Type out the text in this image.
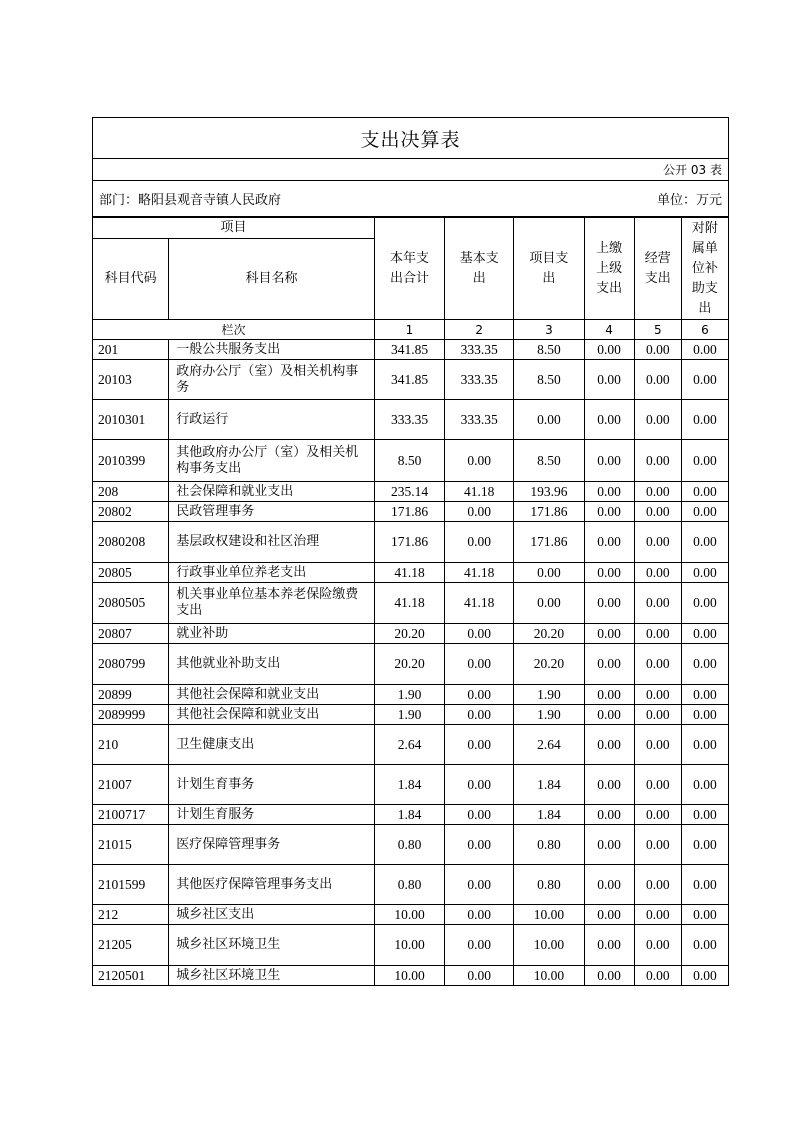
支出决算表
公开 03 表
部门：略阳县观音寺镇人民政府	单位：万元
项目		本年支出合计	基本支出	项目支出	上缴上级支出	经营支出	对附属单位补助支出

科目代码	科目名称						
栏次		1	2	3	4	5	6
201	一般公共服务支出	341.85	333.35	8.50	0.00	0.00	0.00
20103	政府办公厅（室）及相关机构事务	341.85	333.35	8.50	0.00	0.00	0.00
2010301	行政运行	333.35	333.35	0.00	0.00	0.00	0.00
2010399	其他政府办公厅（室）及相关机构事务支出	8.50	0.00	8.50	0.00	0.00	0.00
208	社会保障和就业支出	235.14	41.18	193.96	0.00	0.00	0.00
20802	民政管理事务	171.86	0.00	171.86	0.00	0.00	0.00
2080208	基层政权建设和社区治理	171.86	0.00	171.86	0.00	0.00	0.00
20805	行政事业单位养老支出	41.18	41.18	0.00	0.00	0.00	0.00
2080505	机关事业单位基本养老保险缴费支出	41.18	41.18	0.00	0.00	0.00	0.00
20807	就业补助	20.20	0.00	20.20	0.00	0.00	0.00
2080799	其他就业补助支出	20.20	0.00	20.20	0.00	0.00	0.00
20899	其他社会保障和就业支出	1.90	0.00	1.90	0.00	0.00	0.00
2089999	其他社会保障和就业支出	1.90	0.00	1.90	0.00	0.00	0.00
210	卫生健康支出	2.64	0.00	2.64	0.00	0.00	0.00
21007	计划生育事务	1.84	0.00	1.84	0.00	0.00	0.00
2100717	计划生育服务	1.84	0.00	1.84	0.00	0.00	0.00
21015	医疗保障管理事务	0.80	0.00	0.80	0.00	0.00	0.00
2101599	其他医疗保障管理事务支出	0.80	0.00	0.80	0.00	0.00	0.00
212	城乡社区支出	10.00	0.00	10.00	0.00	0.00	0.00
21205	城乡社区环境卫生	10.00	0.00	10.00	0.00	0.00	0.00
2120501	城乡社区环境卫生	10.00	0.00	10.00	0.00	0.00	0.00
